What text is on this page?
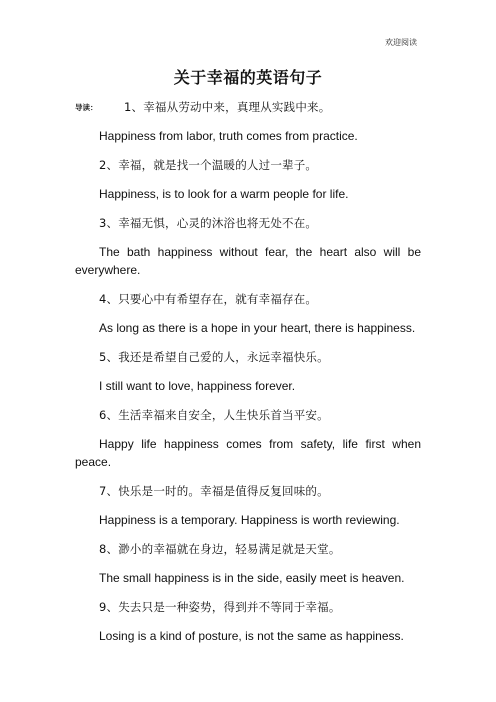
欢迎阅读
关于幸福的英语句子
导读：	1、幸福从劳动中来，真理从实践中来。
Happiness from labor, truth comes from practice.
2、幸福，就是找一个温暖的人过一辈子。
Happiness, is to look for a warm people for life.
3、幸福无惧，心灵的沐浴也将无处不在。
The bath happiness without fear, the heart also will be everywhere.
4、只要心中有希望存在，就有幸福存在。
As long as there is a hope in your heart, there is happiness.
5、我还是希望自己爱的人，永远幸福快乐。
I still want to love, happiness forever.
6、生活幸福来自安全，人生快乐首当平安。
Happy life happiness comes from safety, life first when peace.
7、快乐是一时的。幸福是值得反复回味的。
Happiness is a temporary. Happiness is worth reviewing.
8、渺小的幸福就在身边，轻易满足就是天堂。
The small happiness is in the side, easily meet is heaven.
9、失去只是一种姿势，得到并不等同于幸福。
Losing is a kind of posture, is not the same as happiness.
